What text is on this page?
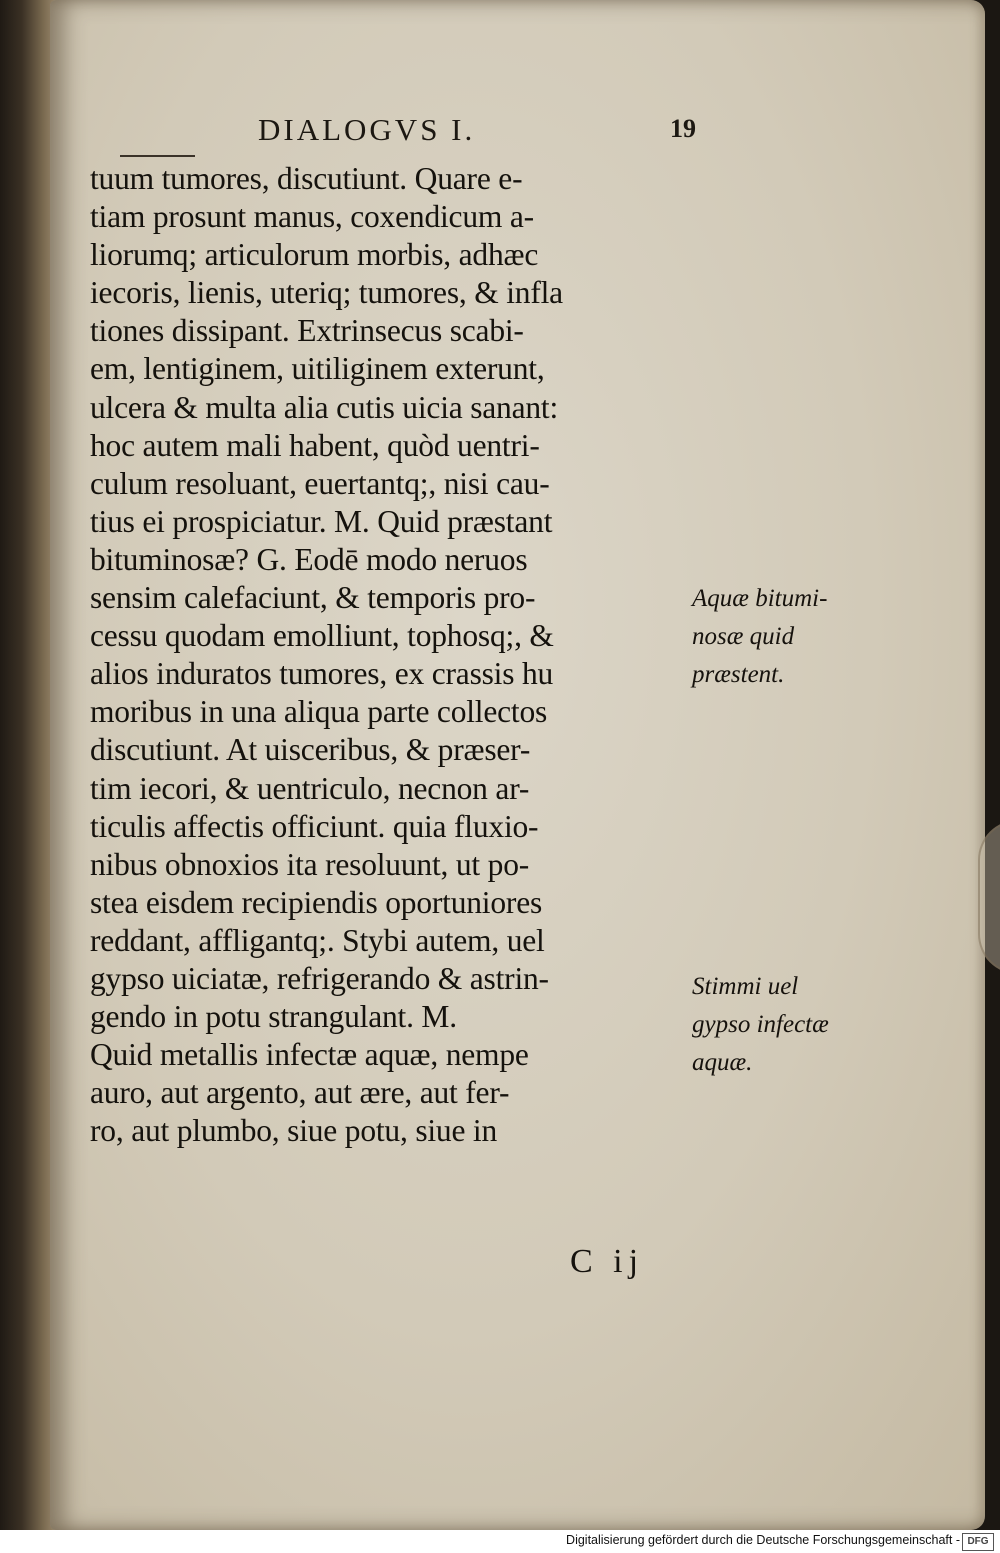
DIALOGVS I.	19
tuum tumores, discutiunt. Quare e-
tiam prosunt manus, coxendicum a-
liorumq; articulorum morbis, adhæc
iecoris, lienis, uteriq; tumores, & infla
tiones dissipant. Extrinsecus scabi-
em, lentiginem, uitiliginem exterunt,
ulcera & multa alia cutis uicia sanant:
hoc autem mali habent, quòd uentri-
culum resoluant, euertantq;, nisi cau-
tius ei prospiciatur. M. Quid præstant
bituminosæ? G. Eodē modo neruos
sensim calefaciunt, & temporis pro-
cessu quodam emolliunt, tophosq;, &
alios induratos tumores, ex crassis hu
moribus in una aliqua parte collectos
discutiunt. At uisceribus, & præser-
tim iecori, & uentriculo, necnon ar-
ticulis affectis officiunt. quia fluxio-
nibus obnoxios ita resoluunt, ut po-
stea eisdem recipiendis oportuniores
reddant, affligantq;. Stybi autem, uel
gypso uiciatæ, refrigerando & astrin-
gendo in potu strangulant. M.
Quid metallis infectæ aquæ, nempe
auro, aut argento, aut ære, aut fer-
ro, aut plumbo, siue potu, siue in
C ij
Aquæ bitumi-
nosæ quid
præstent.
Stimmi uel
gypso infectæ
aquæ.
Digitalisierung gefördert durch die Deutsche Forschungsgemeinschaft - DFG
